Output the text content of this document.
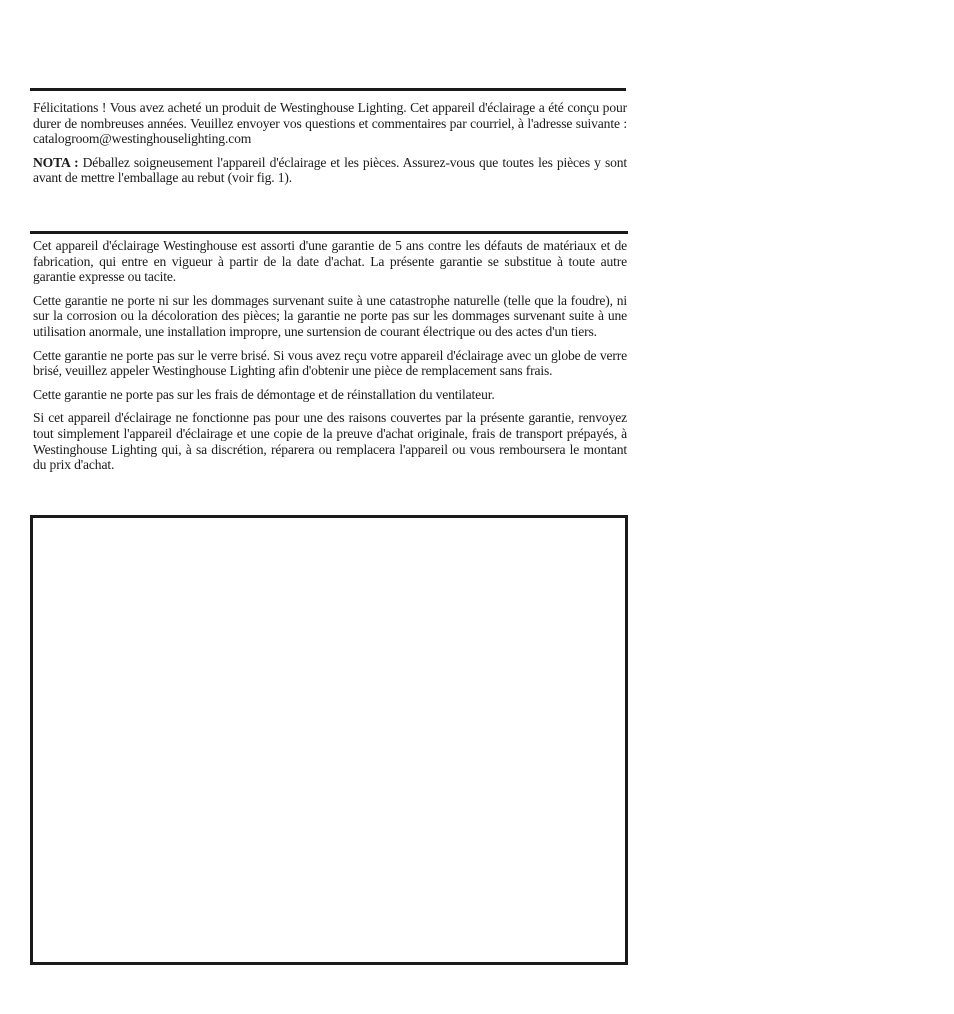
Félicitations ! Vous avez acheté un produit de Westinghouse Lighting. Cet appareil d'éclairage a été conçu pour durer de nombreuses années. Veuillez envoyer vos questions et commentaires par courriel, à l'adresse suivante : catalogroom@westinghouselighting.com

NOTA : Déballez soigneusement l'appareil d'éclairage et les pièces. Assurez-vous que toutes les pièces y sont avant de mettre l'emballage au rebut (voir fig. 1).

Cet appareil d'éclairage Westinghouse est assorti d'une garantie de 5 ans contre les défauts de matériaux et de fabrication, qui entre en vigueur à partir de la date d'achat. La présente garantie se substitue à toute autre garantie expresse ou tacite.

Cette garantie ne porte ni sur les dommages survenant suite à une catastrophe naturelle (telle que la foudre), ni sur la corrosion ou la décoloration des pièces; la garantie ne porte pas sur les dommages survenant suite à une utilisation anormale, une installation impropre, une surtension de courant électrique ou des actes d'un tiers.

Cette garantie ne porte pas sur le verre brisé. Si vous avez reçu votre appareil d'éclairage avec un globe de verre brisé, veuillez appeler Westinghouse Lighting afin d'obtenir une pièce de remplacement sans frais.

Cette garantie ne porte pas sur les frais de démontage et de réinstallation du ventilateur.

Si cet appareil d'éclairage ne fonctionne pas pour une des raisons couvertes par la présente garantie, renvoyez tout simplement l'appareil d'éclairage et une copie de la preuve d'achat originale, frais de transport prépayés, à Westinghouse Lighting qui, à sa discrétion, réparera ou remplacera l'appareil ou vous remboursera le montant du prix d'achat.
